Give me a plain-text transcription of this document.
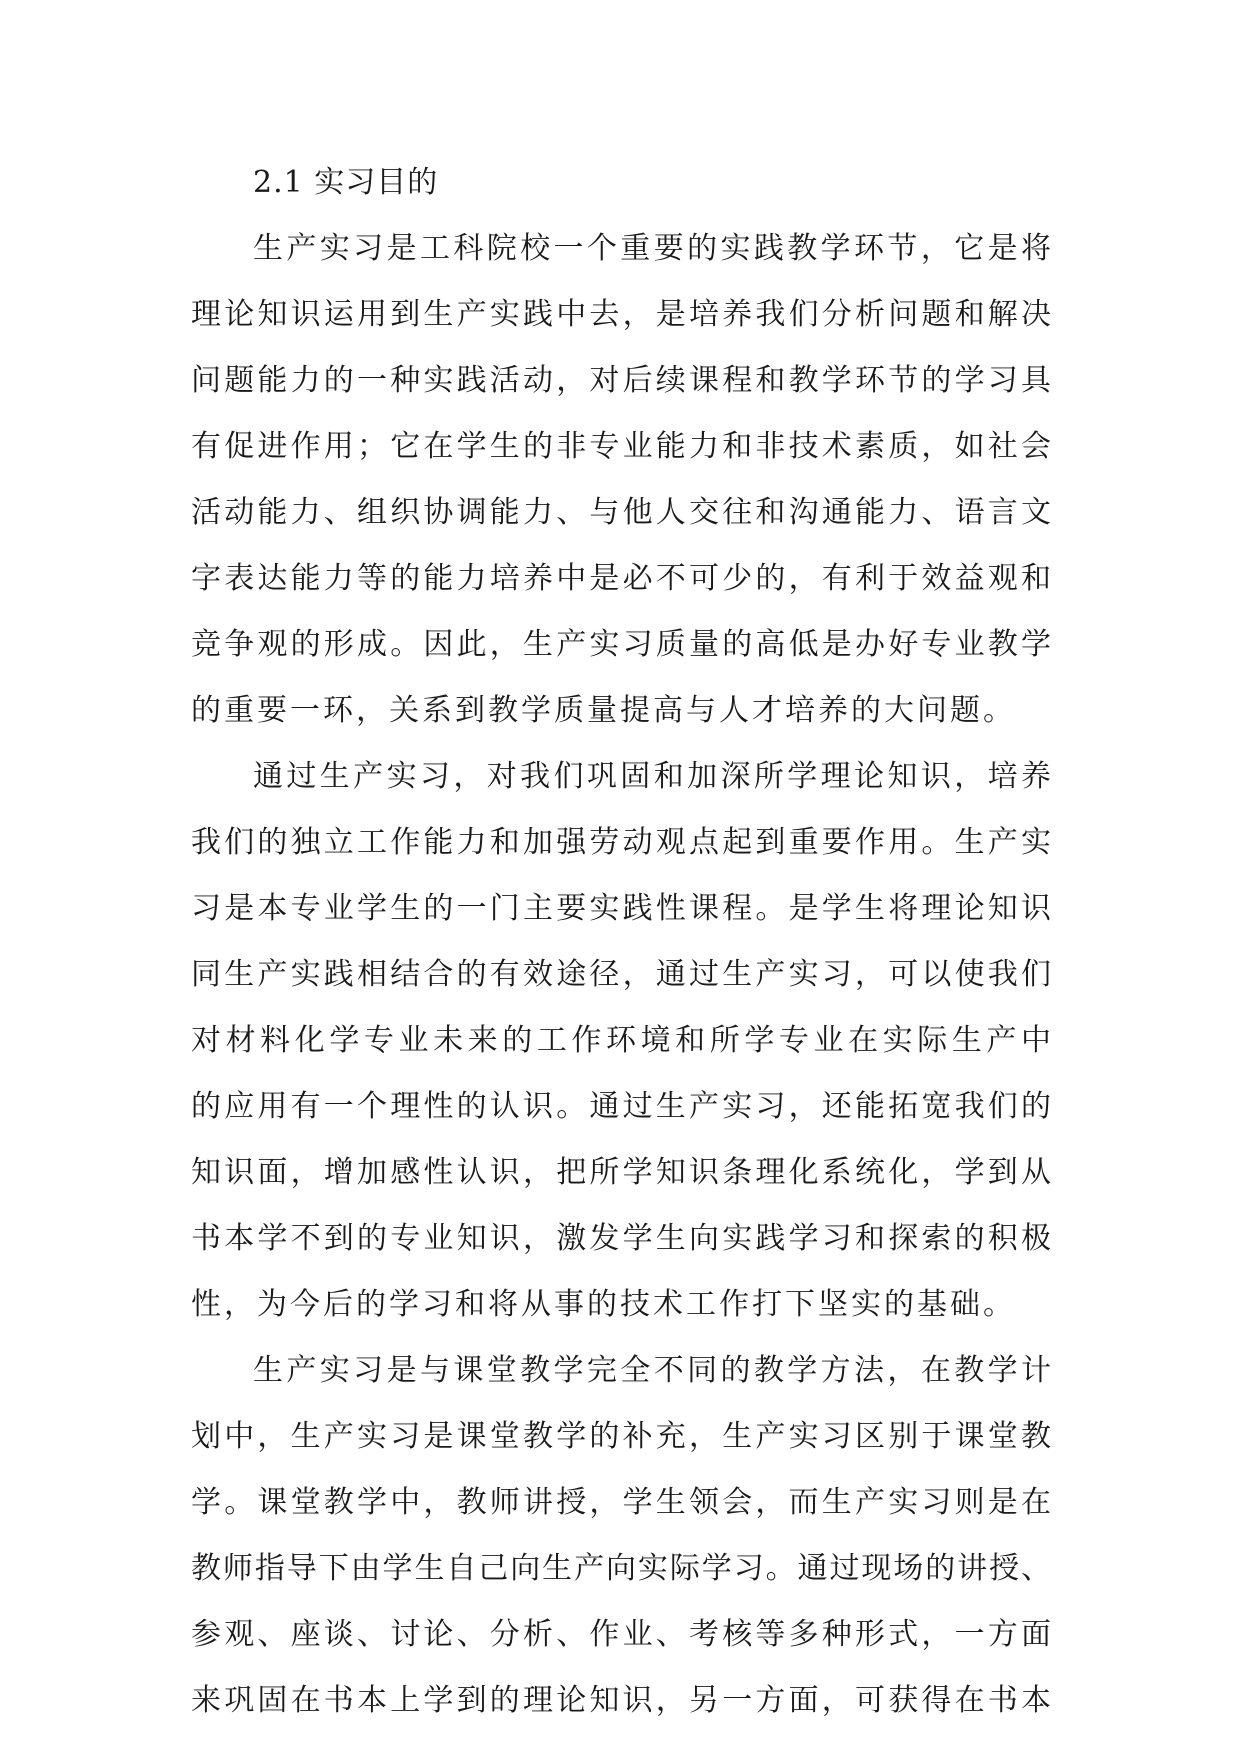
2.1 实习目的
生产实习是工科院校一个重要的实践教学环节，它是将
理论知识运用到生产实践中去，是培养我们分析问题和解决
问题能力的一种实践活动，对后续课程和教学环节的学习具
有促进作用；它在学生的非专业能力和非技术素质，如社会
活动能力、组织协调能力、与他人交往和沟通能力、语言文
字表达能力等的能力培养中是必不可少的，有利于效益观和
竞争观的形成。因此，生产实习质量的高低是办好专业教学
的重要一环，关系到教学质量提高与人才培养的大问题。
通过生产实习，对我们巩固和加深所学理论知识，培养
我们的独立工作能力和加强劳动观点起到重要作用。生产实
习是本专业学生的一门主要实践性课程。是学生将理论知识
同生产实践相结合的有效途径，通过生产实习，可以使我们
对材料化学专业未来的工作环境和所学专业在实际生产中
的应用有一个理性的认识。通过生产实习，还能拓宽我们的
知识面，增加感性认识，把所学知识条理化系统化，学到从
书本学不到的专业知识，激发学生向实践学习和探索的积极
性，为今后的学习和将从事的技术工作打下坚实的基础。
生产实习是与课堂教学完全不同的教学方法，在教学计
划中，生产实习是课堂教学的补充，生产实习区别于课堂教
学。课堂教学中，教师讲授，学生领会，而生产实习则是在
教师指导下由学生自己向生产向实际学习。通过现场的讲授、
参观、座谈、讨论、分析、作业、考核等多种形式，一方面
来巩固在书本上学到的理论知识，另一方面，可获得在书本
